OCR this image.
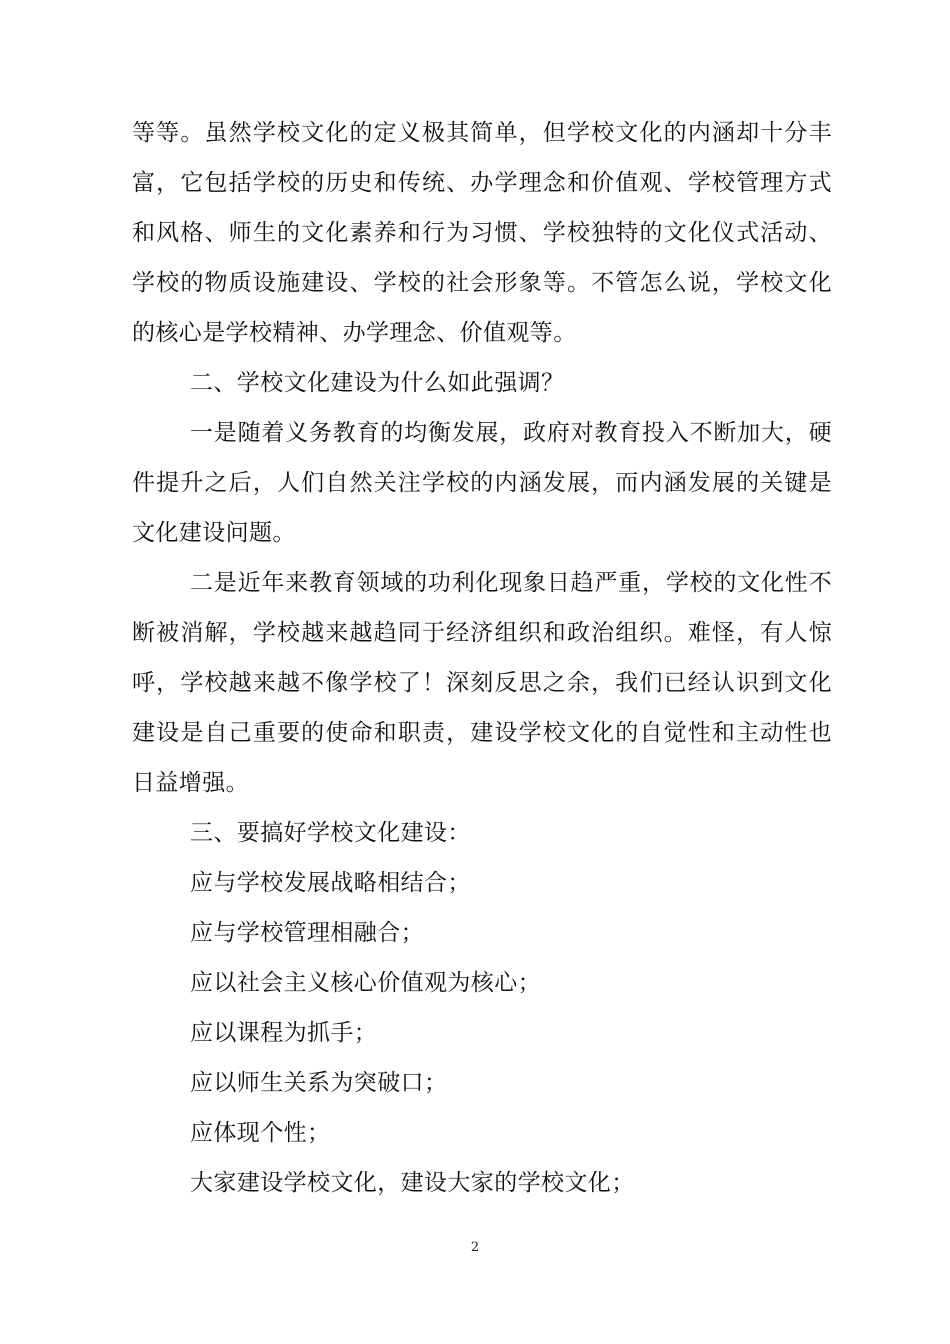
等等。虽然学校文化的定义极其简单，但学校文化的内涵却十分丰富，它包括学校的历史和传统、办学理念和价值观、学校管理方式和风格、师生的文化素养和行为习惯、学校独特的文化仪式活动、学校的物质设施建设、学校的社会形象等。不管怎么说，学校文化的核心是学校精神、办学理念、价值观等。

二、学校文化建设为什么如此强调？

一是随着义务教育的均衡发展，政府对教育投入不断加大，硬件提升之后，人们自然关注学校的内涵发展，而内涵发展的关键是文化建设问题。

二是近年来教育领域的功利化现象日趋严重，学校的文化性不断被消解，学校越来越趋同于经济组织和政治组织。难怪，有人惊呼，学校越来越不像学校了！深刻反思之余，我们已经认识到文化建设是自己重要的使命和职责，建设学校文化的自觉性和主动性也日益增强。

三、要搞好学校文化建设：

应与学校发展战略相结合；

应与学校管理相融合；

应以社会主义核心价值观为核心；

应以课程为抓手；

应以师生关系为突破口；

应体现个性；

大家建设学校文化，建设大家的学校文化；

2
